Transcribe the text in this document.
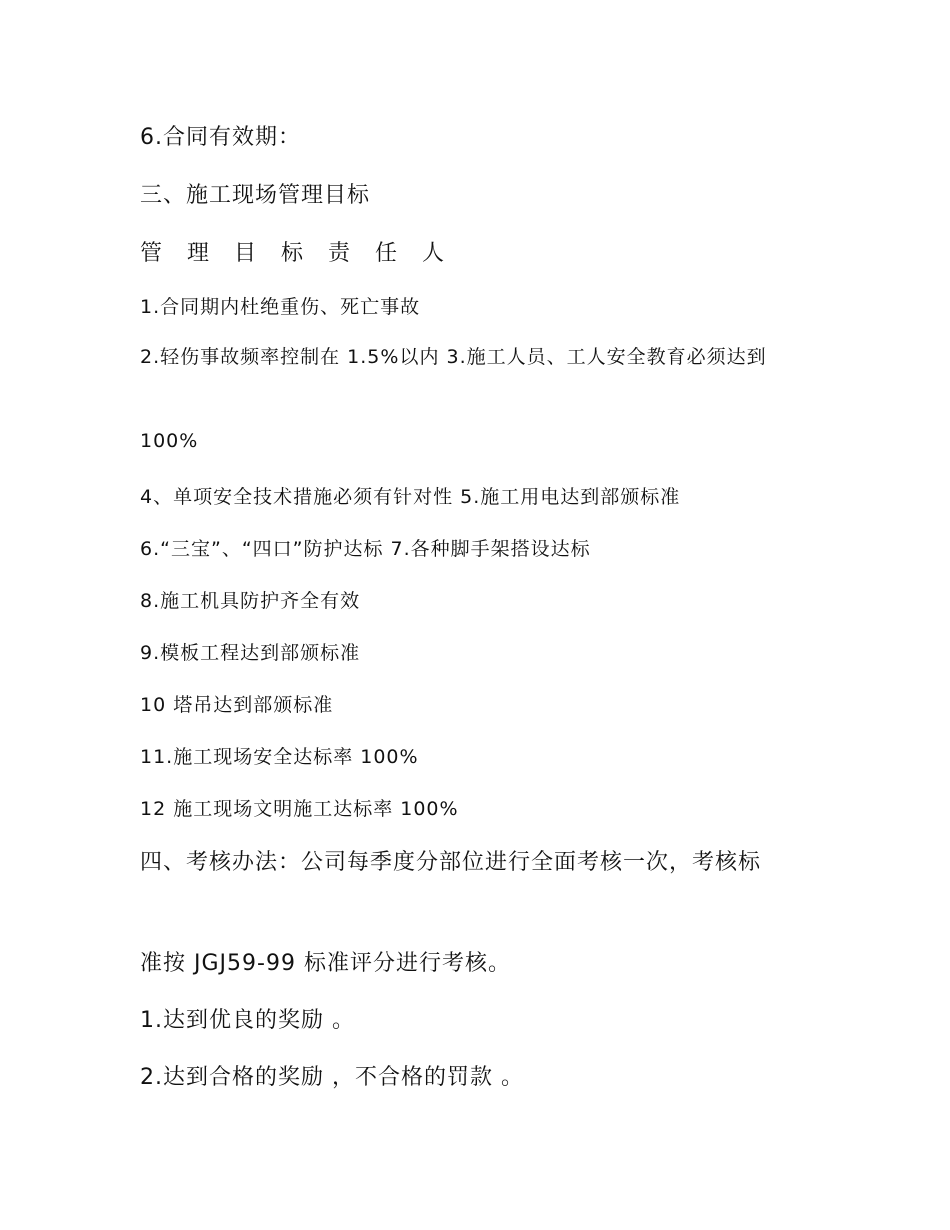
6.合同有效期：

三、施工现场管理目标

管 理 目 标 责 任 人

1.合同期内杜绝重伤、死亡事故

2.轻伤事故频率控制在 1.5%以内 3.施工人员、工人安全教育必须达到

100%

4、单项安全技术措施必须有针对性 5.施工用电达到部颁标准

6.“三宝”、“四口”防护达标 7.各种脚手架搭设达标

8.施工机具防护齐全有效

9.模板工程达到部颁标准

10 塔吊达到部颁标准

11.施工现场安全达标率 100%

12 施工现场文明施工达标率 100%

四、考核办法：公司每季度分部位进行全面考核一次，考核标

准按 JGJ59-99 标准评分进行考核。

1.达到优良的奖励 。

2.达到合格的奖励 ，不合格的罚款 。
